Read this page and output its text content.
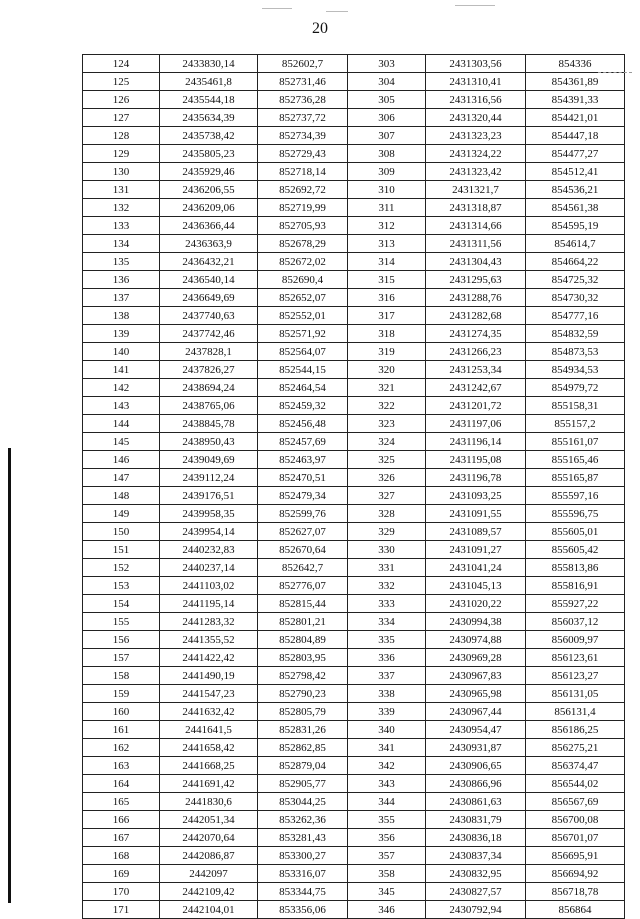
20
124	2433830,14	852602,7	303	2431303,56	854336
125	2435461,8	852731,46	304	2431310,41	854361,89
126	2435544,18	852736,28	305	2431316,56	854391,33
127	2435634,39	852737,72	306	2431320,44	854421,01
128	2435738,42	852734,39	307	2431323,23	854447,18
129	2435805,23	852729,43	308	2431324,22	854477,27
130	2435929,46	852718,14	309	2431323,42	854512,41
131	2436206,55	852692,72	310	2431321,7	854536,21
132	2436209,06	852719,99	311	2431318,87	854561,38
133	2436366,44	852705,93	312	2431314,66	854595,19
134	2436363,9	852678,29	313	2431311,56	854614,7
135	2436432,21	852672,02	314	2431304,43	854664,22
136	2436540,14	852690,4	315	2431295,63	854725,32
137	2436649,69	852652,07	316	2431288,76	854730,32
138	2437740,63	852552,01	317	2431282,68	854777,16
139	2437742,46	852571,92	318	2431274,35	854832,59
140	2437828,1	852564,07	319	2431266,23	854873,53
141	2437826,27	852544,15	320	2431253,34	854934,53
142	2438694,24	852464,54	321	2431242,67	854979,72
143	2438765,06	852459,32	322	2431201,72	855158,31
144	2438845,78	852456,48	323	2431197,06	855157,2
145	2438950,43	852457,69	324	2431196,14	855161,07
146	2439049,69	852463,97	325	2431195,08	855165,46
147	2439112,24	852470,51	326	2431196,78	855165,87
148	2439176,51	852479,34	327	2431093,25	855597,16
149	2439958,35	852599,76	328	2431091,55	855596,75
150	2439954,14	852627,07	329	2431089,57	855605,01
151	2440232,83	852670,64	330	2431091,27	855605,42
152	2440237,14	852642,7	331	2431041,24	855813,86
153	2441103,02	852776,07	332	2431045,13	855816,91
154	2441195,14	852815,44	333	2431020,22	855927,22
155	2441283,32	852801,21	334	2430994,38	856037,12
156	2441355,52	852804,89	335	2430974,88	856009,97
157	2441422,42	852803,95	336	2430969,28	856123,61
158	2441490,19	852798,42	337	2430967,83	856123,27
159	2441547,23	852790,23	338	2430965,98	856131,05
160	2441632,42	852805,79	339	2430967,44	856131,4
161	2441641,5	852831,26	340	2430954,47	856186,25
162	2441658,42	852862,85	341	2430931,87	856275,21
163	2441668,25	852879,04	342	2430906,65	856374,47
164	2441691,42	852905,77	343	2430866,96	856544,02
165	2441830,6	853044,25	344	2430861,63	856567,69
166	2442051,34	853262,36	355	2430831,79	856700,08
167	2442070,64	853281,43	356	2430836,18	856701,07
168	2442086,87	853300,27	357	2430837,34	856695,91
169	2442097	853316,07	358	2430832,95	856694,92
170	2442109,42	853344,75	345	2430827,57	856718,78
171	2442104,01	853356,06	346	2430792,94	856864
